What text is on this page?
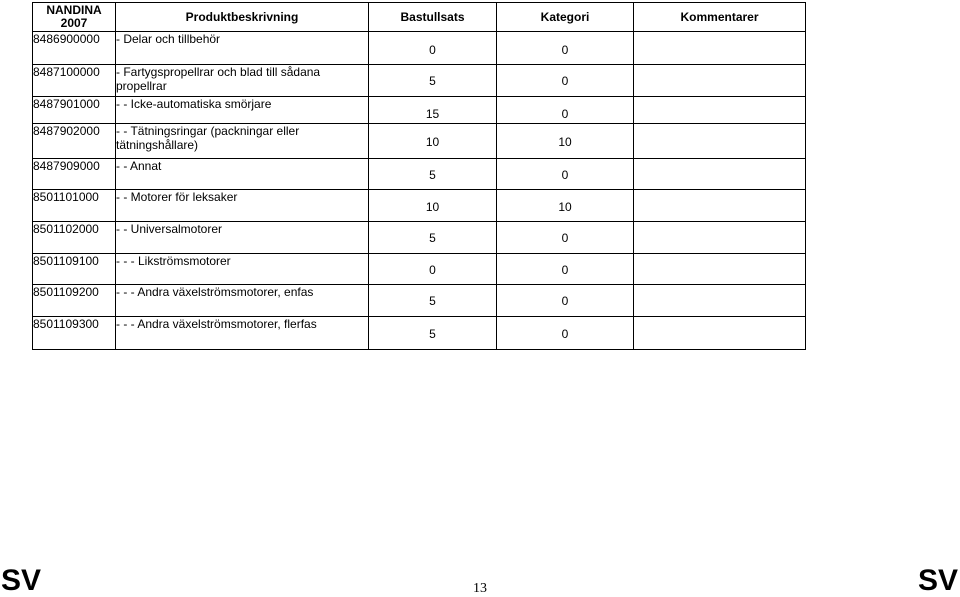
NANDINA
2007	Produktbeskrivning	Bastullsats	Kategori	Kommentarer
8486900000	- Delar och tillbehör	0	0	

8487100000	- Fartygspropellrar och blad till sådana propellrar	5	0	

8487901000	- - Icke-automatiska smörjare	15	0	

8487902000	- - Tätningsringar (packningar eller tätningshållare)	10	10	

8487909000	- - Annat	5	0	

8501101000	- - Motorer för leksaker	10	10	

8501102000	- - Universalmotorer	5	0	

8501109100	- - - Likströmsmotorer	0	0	

8501109200	- - - Andra växelströmsmotorer, enfas	5	0	

8501109300	- - - Andra växelströmsmotorer, flerfas	5	0	

SV	13	SV
